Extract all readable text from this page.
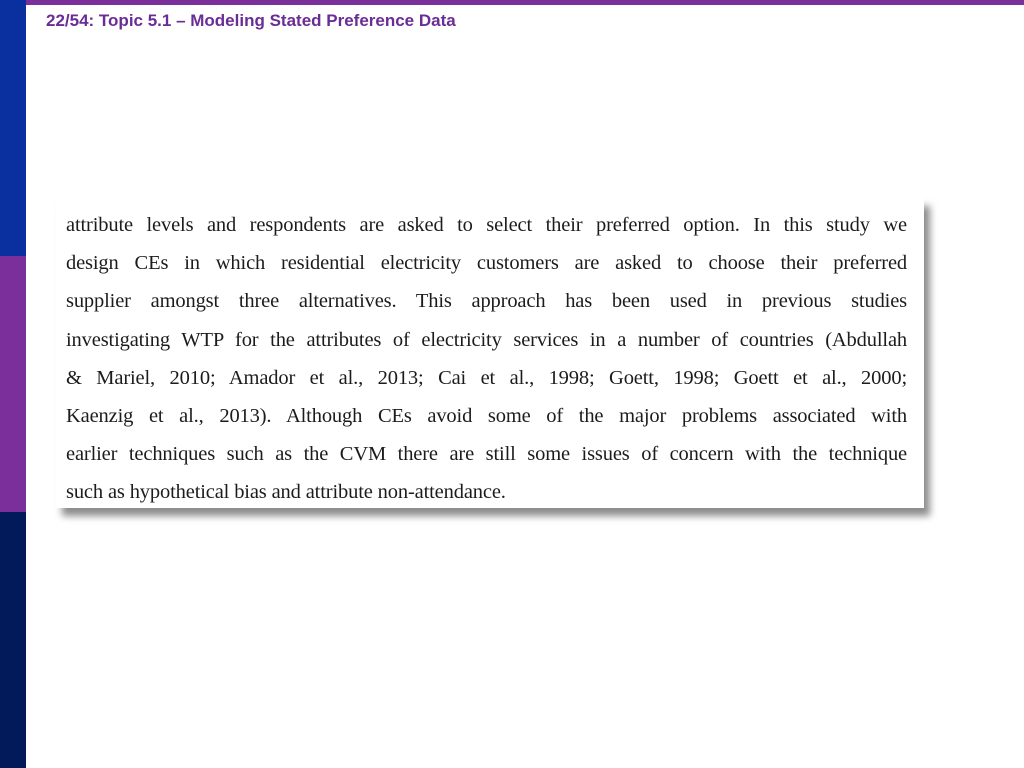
22/54: Topic 5.1 – Modeling Stated Preference Data
attribute levels and respondents are asked to select their preferred option. In this study we
design CEs in which residential electricity customers are asked to choose their preferred
supplier amongst three alternatives. This approach has been used in previous studies
investigating WTP for the attributes of electricity services in a number of countries (Abdullah
& Mariel, 2010; Amador et al., 2013; Cai et al., 1998; Goett, 1998; Goett et al., 2000;
Kaenzig et al., 2013). Although CEs avoid some of the major problems associated with
earlier techniques such as the CVM there are still some issues of concern with the technique
such as hypothetical bias and attribute non-attendance.
